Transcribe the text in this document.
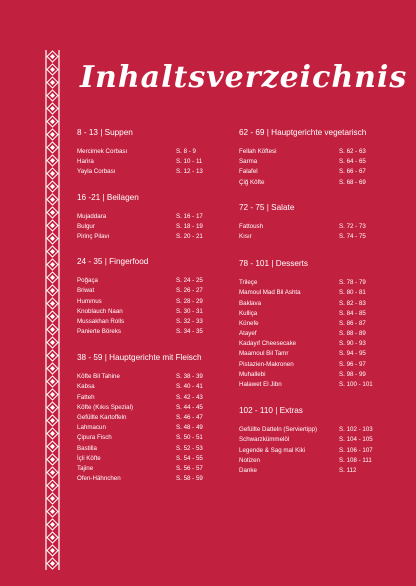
Inhaltsverzeichnis
8 - 13 | Suppen
Mercimek Corbası	S. 8 - 9
Harira	S. 10 - 11
Yayla Corbası	S. 12 - 13
16 -21 | Beilagen
Mujaddara	S. 16 - 17
Bulgur	S. 18 - 19
Pirinç Pilavı	S. 20 - 21
24 - 35 | Fingerfood
Poğaça	S. 24 - 25
Briwat	S. 26 - 27
Hummus	S. 28 - 29
Knoblauch Naan	S. 30 - 31
Mussakhan Rolls	S. 32 - 33
Panierte Böreks	S. 34 - 35
38 - 59 | Hauptgerichte mit Fleisch
Köfte Bil Tahine	S. 38 - 39
Kabsa	S. 40 - 41
Fatteh	S. 42 - 43
Köfte (Kıkıs Spezial)	S. 44 - 45
Gefüllte Kartoffeln	S. 46 - 47
Lahmacun	S. 48 - 49
Çipura Fisch	S. 50 - 51
Bastilla	S. 52 - 53
İçli Köfte	S. 54 - 55
Tajine	S. 56 - 57
Ofen-Hähnchen	S. 58 - 59
62 - 69 | Hauptgerichte vegetarisch
Fellah Köftesi	S. 62 - 63
Sarma	S. 64 - 65
Falafel	S. 66 - 67
Çiğ Köfte	S. 68 - 69
72 - 75 | Salate
Fattoush	S. 72 - 73
Kısır	S. 74 - 75
78 - 101 | Desserts
Trileçe	S. 78 - 79
Mamoul Mad Bil Ashta	S. 80 - 81
Baklava	S. 82 - 83
Kulliça	S. 84 - 85
Künefe	S. 86 - 87
Atayef	S. 88 - 89
Kadayıf Cheesecake	S. 90 - 93
Maamoul Bil Tamr	S. 94 - 95
Pistazien-Makronen	S. 96 - 97
Muhallebi	S. 98 - 99
Halawet El Jibn	S. 100 - 101
102 - 110 | Extras
Gefüllte Datteln (Serviertipp)	S. 102 - 103
Schwarzkümmelöl	S. 104 - 105
Legende & Sag mal Kiki	S. 106 - 107
Notizen	S. 108 - 111
Danke	S. 112
